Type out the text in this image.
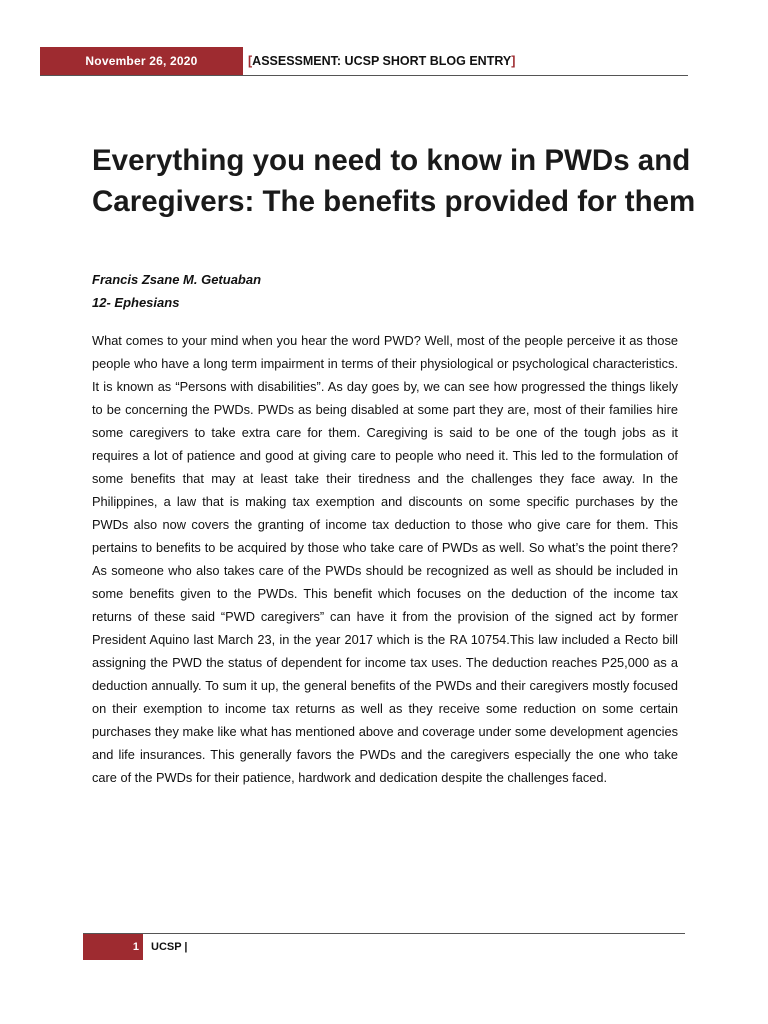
November 26, 2020	[ASSESSMENT: UCSP SHORT BLOG ENTRY]
Everything you need to know in PWDs and Caregivers: The benefits provided for them
Francis Zsane M. Getuaban
12- Ephesians

What comes to your mind when you hear the word PWD? Well, most of the people perceive it as those people who have a long term impairment in terms of their physiological or psychological characteristics. It is known as “Persons with disabilities”. As day goes by, we can see how progressed the things likely to be concerning the PWDs. PWDs as being disabled at some part they are, most of their families hire some caregivers to take extra care for them. Caregiving is said to be one of the tough jobs as it requires a lot of patience and good at giving care to people who need it. This led to the formulation of some benefits that may at least take their tiredness and the challenges they face away. In the Philippines, a law that is making tax exemption and discounts on some specific purchases by the PWDs also now covers the granting of income tax deduction to those who give care for them. This pertains to benefits to be acquired by those who take care of PWDs as well. So what’s the point there? As someone who also takes care of the PWDs should be recognized as well as should be included in some benefits given to the PWDs. This benefit which focuses on the deduction of the income tax returns of these said “PWD caregivers” can have it from the provision of the signed act by former President Aquino last March 23, in the year 2017 which is the RA 10754.This law included a Recto bill assigning the PWD the status of dependent for income tax uses. The deduction reaches P25,000 as a deduction annually. To sum it up, the general benefits of the PWDs and their caregivers mostly focused on their exemption to income tax returns as well as they receive some reduction on some certain purchases they make like what has mentioned above and coverage under some development agencies and life insurances. This generally favors the PWDs and the caregivers especially the one who take care of the PWDs for their patience, hardwork and dedication despite the challenges faced.

1 UCSP |
